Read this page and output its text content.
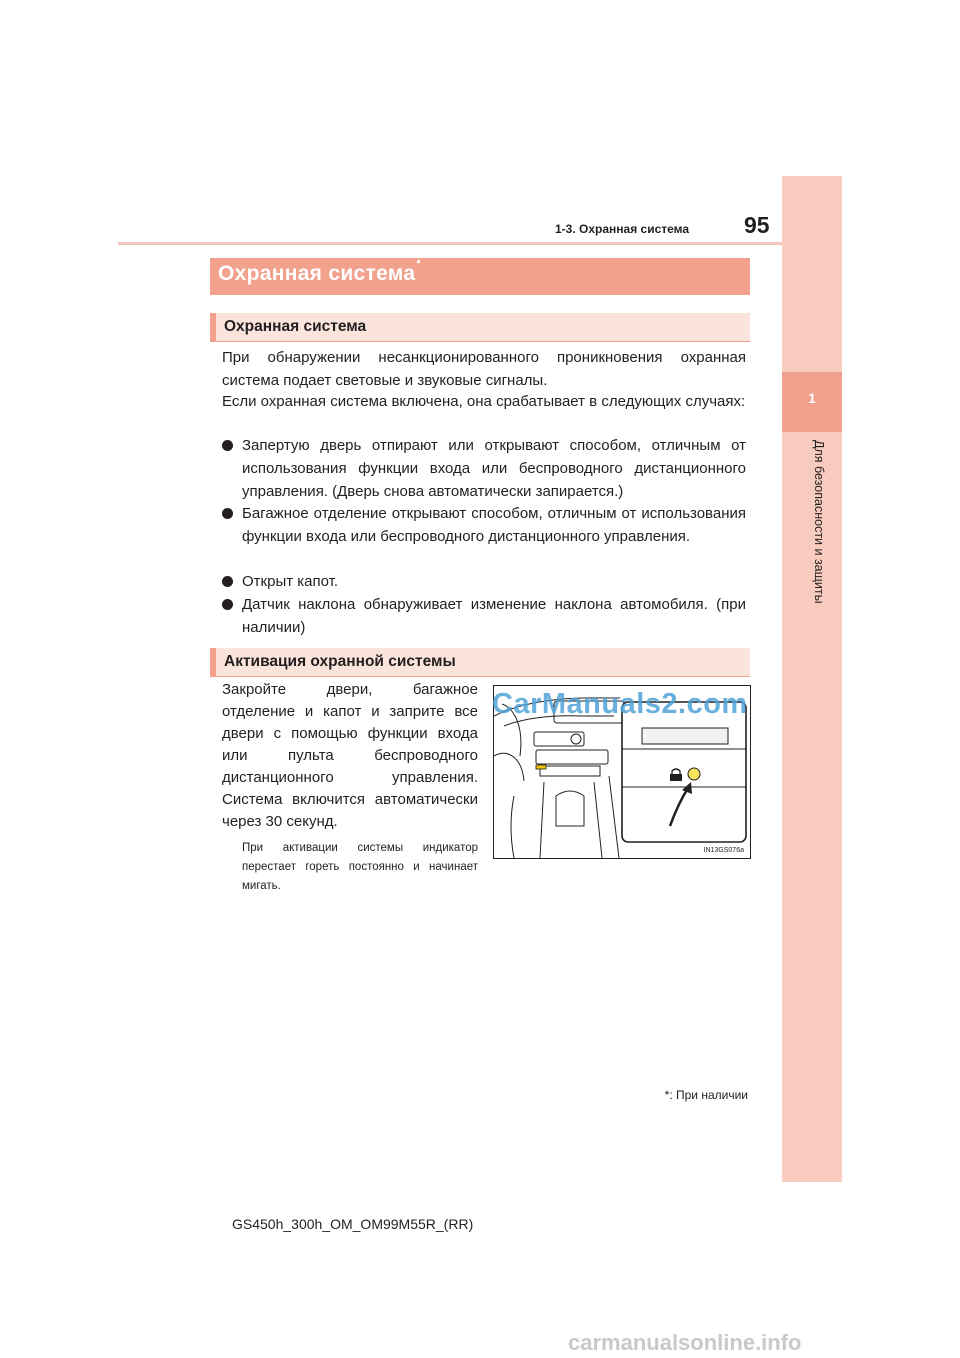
1-3. Охранная система 95
1
Для безопасности и защиты
Охранная система*
Охранная система
При обнаружении несанкционированного проникновения охранная система подает световые и звуковые сигналы.
Если охранная система включена, она срабатывает в следующих случаях:
Запертую дверь отпирают или открывают способом, отличным от использования функции входа или беспроводного дистанционного управления. (Дверь снова автоматически запирается.)
Багажное отделение открывают способом, отличным от использования функции входа или беспроводного дистанционного управления.
Открыт капот.
Датчик наклона обнаруживает изменение наклона автомобиля. (при наличии)
Активация охранной системы
Закройте двери, багажное отделение и капот и заприте все двери с помощью функции входа или пульта беспроводного дистанционного управления. Система включится автоматически через 30 секунд.
При активации системы индикатор перестает гореть постоянно и начинает мигать.
IN13GS076a
CarManuals2.com
*: При наличии
GS450h_300h_OM_OM99M55R_(RR)
carmanualsonline.info
